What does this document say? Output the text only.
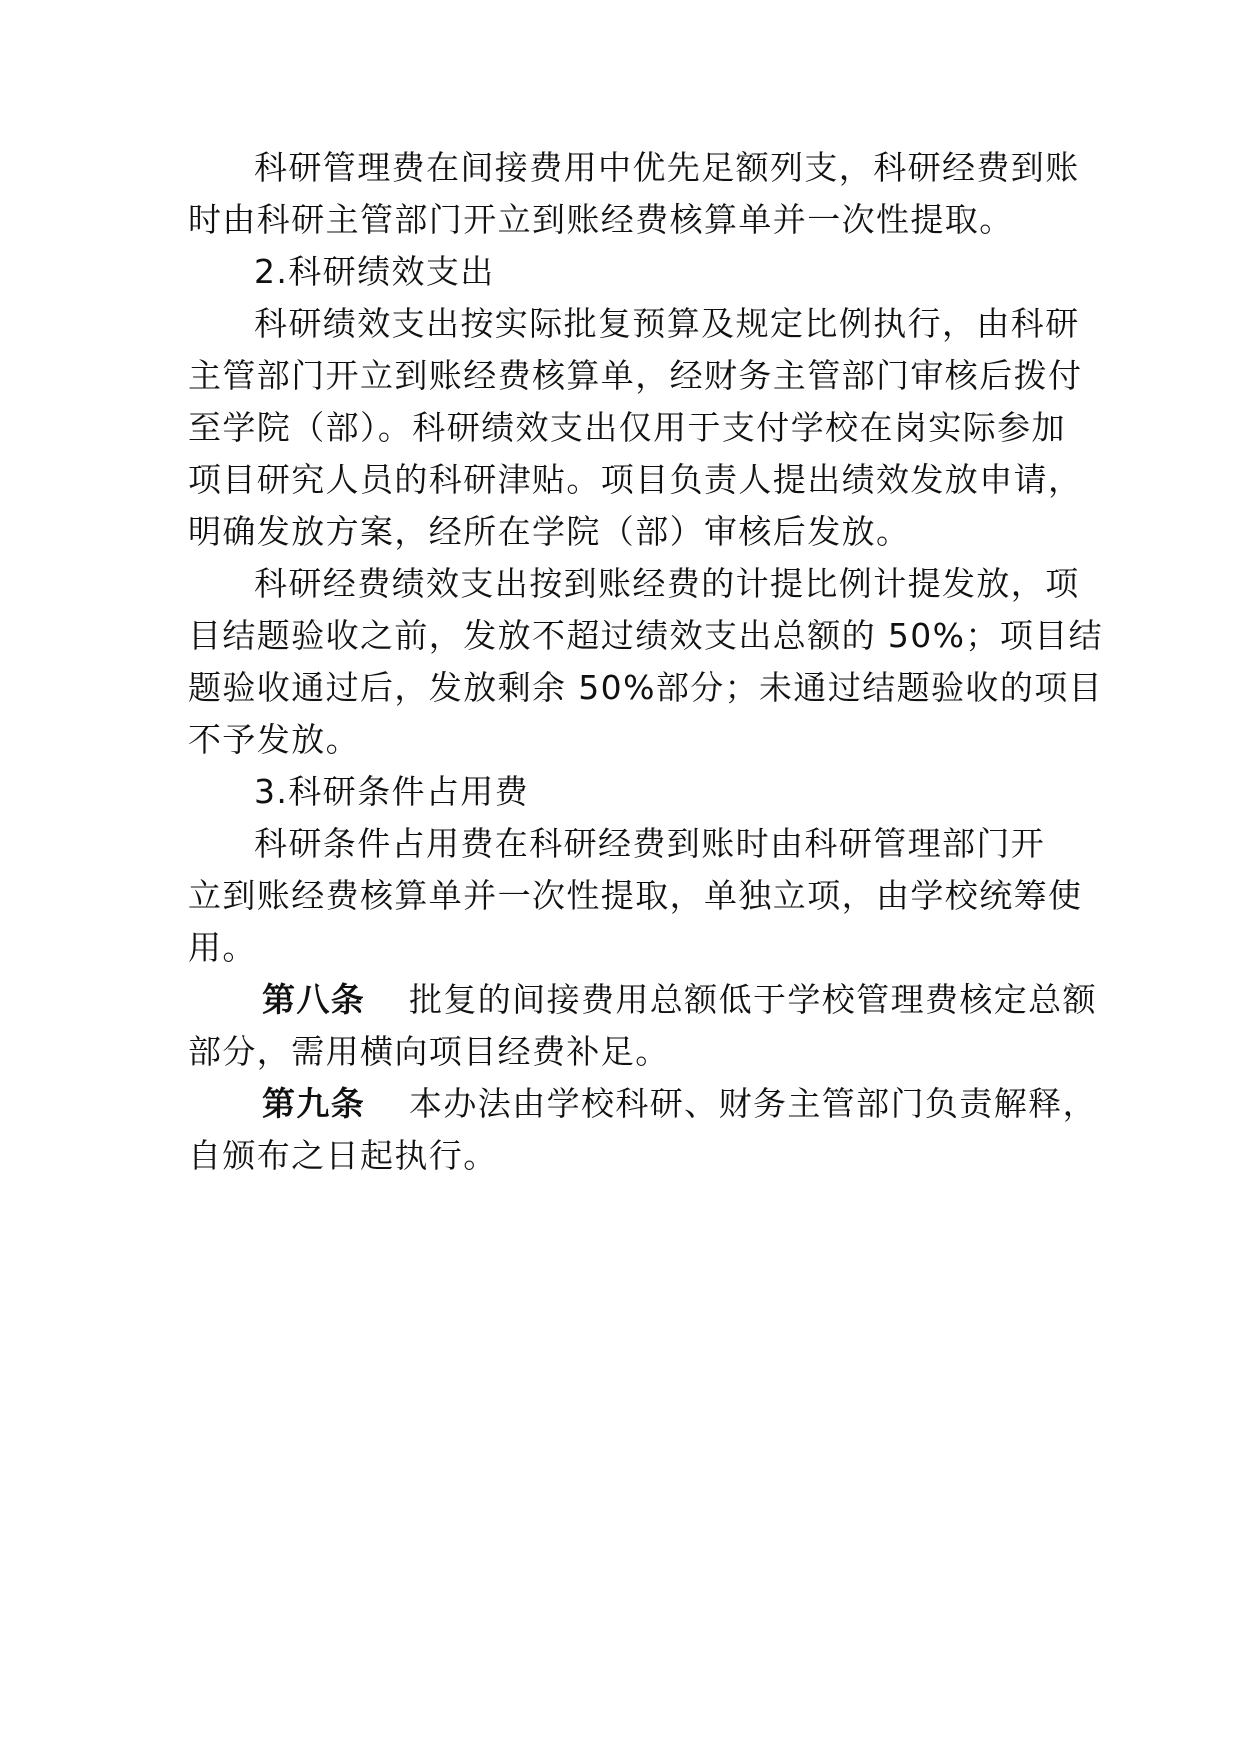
科研管理费在间接费用中优先足额列支，科研经费到账
时由科研主管部门开立到账经费核算单并一次性提取。
2.科研绩效支出
科研绩效支出按实际批复预算及规定比例执行，由科研
主管部门开立到账经费核算单，经财务主管部门审核后拨付
至学院（部）。科研绩效支出仅用于支付学校在岗实际参加
项目研究人员的科研津贴。项目负责人提出绩效发放申请，
明确发放方案，经所在学院（部）审核后发放。
科研经费绩效支出按到账经费的计提比例计提发放，项
目结题验收之前，发放不超过绩效支出总额的 50%；项目结
题验收通过后，发放剩余 50%部分；未通过结题验收的项目
不予发放。
3.科研条件占用费
科研条件占用费在科研经费到账时由科研管理部门开
立到账经费核算单并一次性提取，单独立项，由学校统筹使
用。
第八条 批复的间接费用总额低于学校管理费核定总额
部分，需用横向项目经费补足。
第九条 本办法由学校科研、财务主管部门负责解释，
自颁布之日起执行。
